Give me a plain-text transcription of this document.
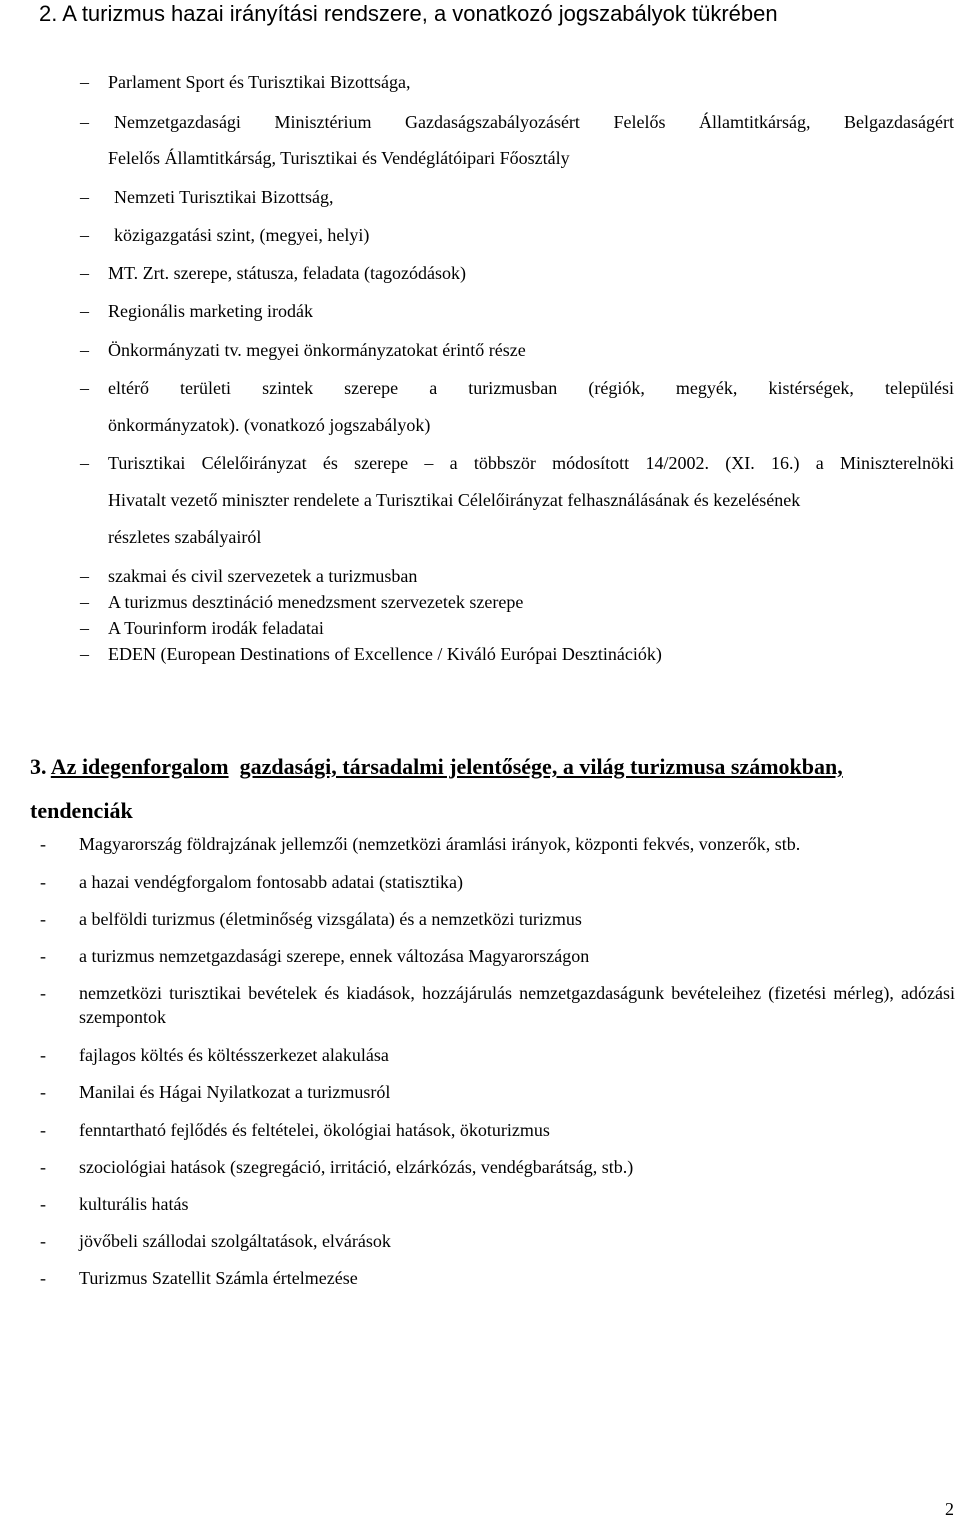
2. A turizmus hazai irányítási rendszere, a vonatkozó jogszabályok tükrében
–	Parlament Sport és Turisztikai Bizottsága,
–	Nemzetgazdasági Minisztérium Gazdaságszabályozásért Felelős Államtitkárság, Belgazdaságért
Felelős Államtitkárság, Turisztikai és Vendéglátóipari Főosztály
–	Nemzeti Turisztikai Bizottság,
–	közigazgatási szint, (megyei, helyi)
–	MT. Zrt. szerepe, státusza, feladata (tagozódások)
–	Regionális marketing irodák
–	Önkormányzati tv. megyei önkormányzatokat érintő része
–	eltérő területi szintek szerepe a turizmusban (régiók, megyék, kistérségek, települési
önkormányzatok). (vonatkozó jogszabályok)
–	Turisztikai Célelőirányzat és szerepe – a többször módosított 14/2002. (XI. 16.) a Miniszterelnöki
Hivatalt vezető miniszter rendelete a Turisztikai Célelőirányzat felhasználásának és kezelésének
részletes szabályairól
–	szakmai és civil szervezetek a turizmusban
–	A turizmus desztináció menedzsment szervezetek szerepe
–	A Tourinform irodák feladatai
–	EDEN (European Destinations of Excellence / Kiváló Európai Desztinációk)
3. Az idegenforgalom gazdasági, társadalmi jelentősége, a világ turizmusa számokban,
tendenciák
-	Magyarország földrajzának jellemzői (nemzetközi áramlási irányok, központi fekvés, vonzerők, stb.
-	a hazai vendégforgalom fontosabb adatai (statisztika)
-	a belföldi turizmus (életminőség vizsgálata) és a nemzetközi turizmus
-	a turizmus nemzetgazdasági szerepe, ennek változása Magyarországon
-	nemzetközi turisztikai bevételek és kiadások, hozzájárulás nemzetgazdaságunk bevételeihez (fizetési mérleg), adózási szempontok
-	fajlagos költés és költésszerkezet alakulása
-	Manilai és Hágai Nyilatkozat a turizmusról
-	fenntartható fejlődés és feltételei, ökológiai hatások, ökoturizmus
-	szociológiai hatások (szegregáció, irritáció, elzárkózás, vendégbarátság, stb.)
-	kulturális hatás
-	jövőbeli szállodai szolgáltatások, elvárások
-	Turizmus Szatellit Számla értelmezése
2
